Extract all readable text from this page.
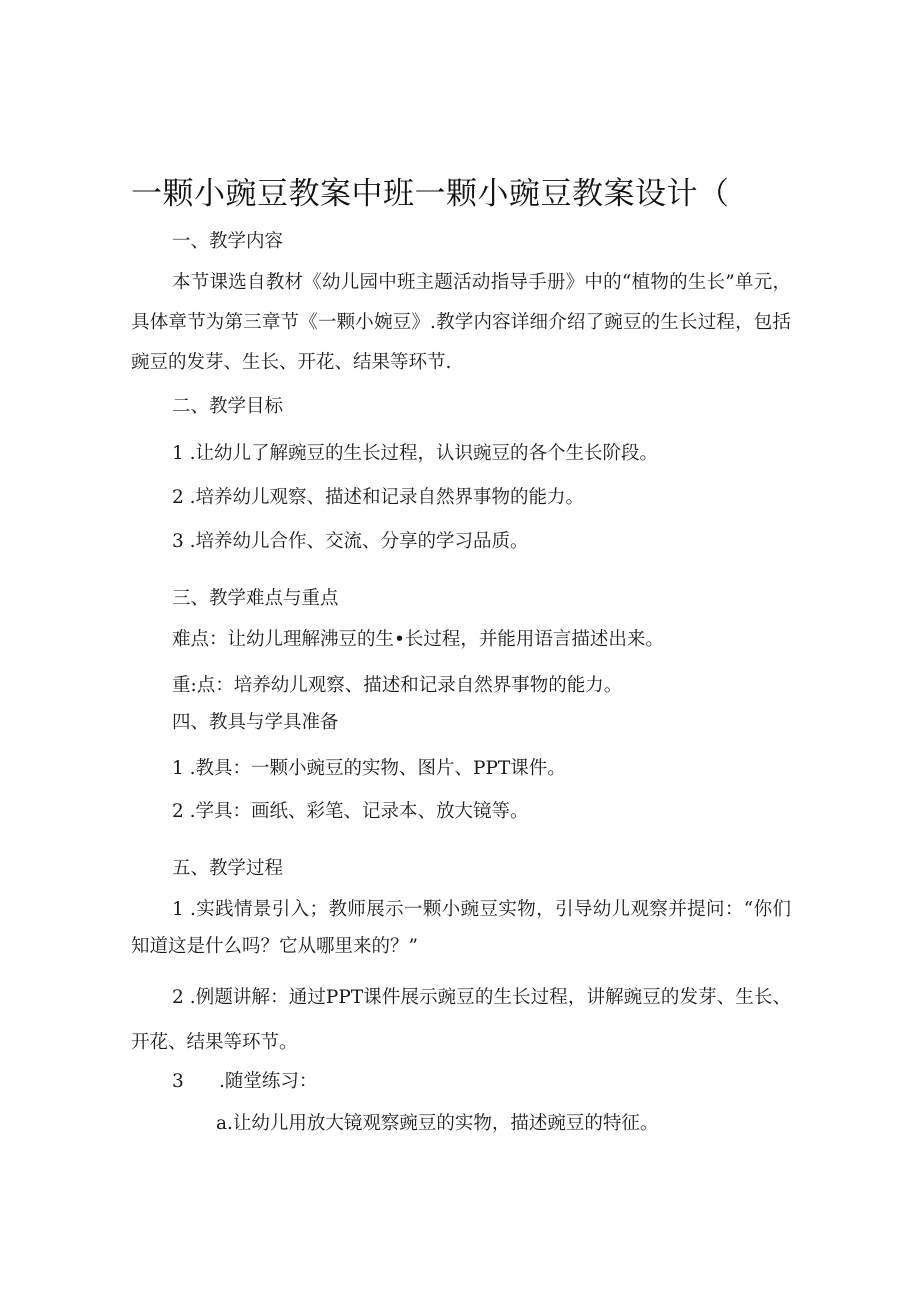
一颗小豌豆教案中班一颗小豌豆教案设计（

一、教学内容

本节课选自教材《幼儿园中班主题活动指导手册》中的“植物的生长”单元，具体章节为第三章节《一颗小婉豆》.教学内容详细介绍了豌豆的生长过程，包括豌豆的发芽、生长、开花、结果等环节.

二、教学目标

1 .让幼儿了解豌豆的生长过程，认识豌豆的各个生长阶段。

2 .培养幼儿观察、描述和记录自然界事物的能力。

3 .培养幼儿合作、交流、分享的学习品质。

三、教学难点与重点

难点：让幼儿理解沸豆的生•长过程，并能用语言描述出来。

重:点：培养幼儿观察、描述和记录自然界事物的能力。

四、教具与学具准备

1 .教具：一颗小豌豆的实物、图片、PPT课件。

2 .学具：画纸、彩笔、记录本、放大镜等。

五、教学过程

1 .实践情景引入；教师展示一颗小豌豆实物，引导幼儿观察并提问：“你们知道这是什么吗？它从哪里来的？”

2 .例题讲解：通过PPT课件展示豌豆的生长过程，讲解豌豆的发芽、生长、开花、结果等环节。

3      .随堂练习：

a.让幼儿用放大镜观察豌豆的实物，描述豌豆的特征。
